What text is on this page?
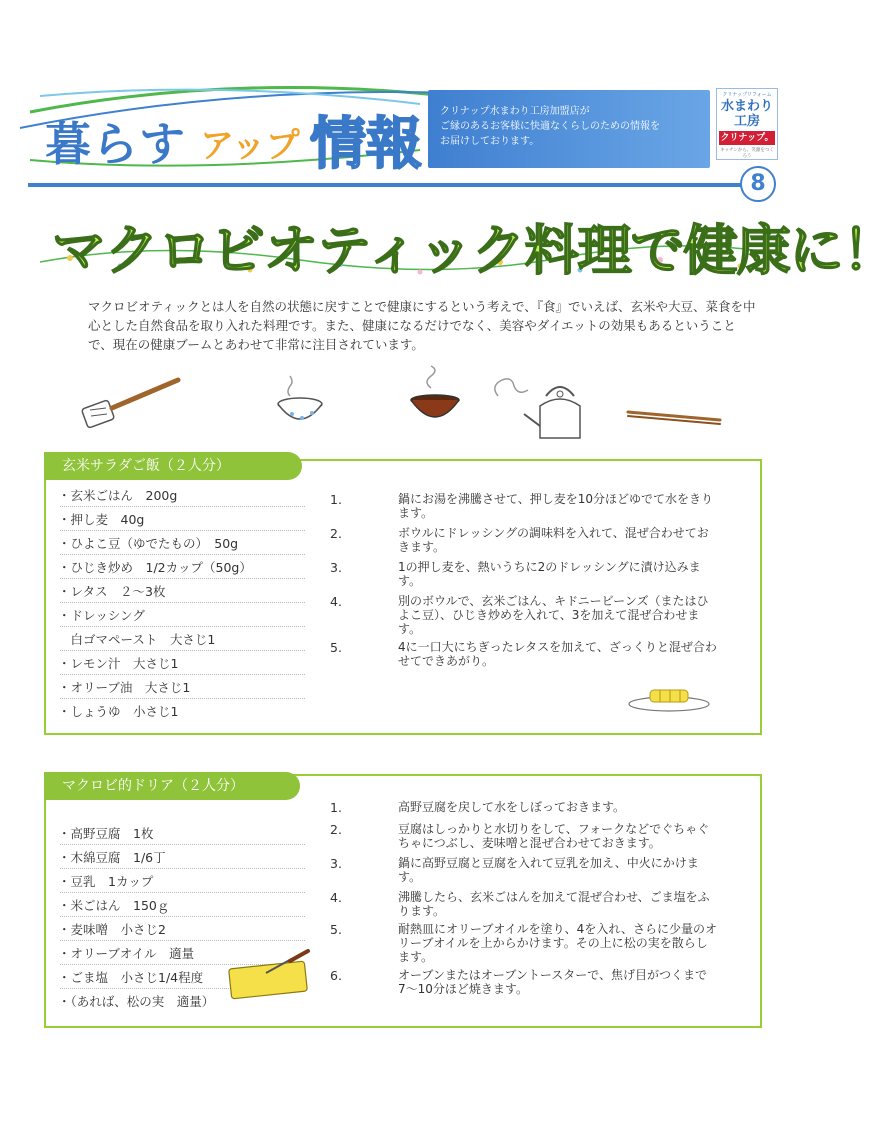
暮らす アップ 情報
クリナップ水まわり工房加盟店が
ご縁のあるお客様に快適なくらしのための情報を
お届けしております。
クリナップリフォーム
水まわり
工房
クリナップ。
キッチンから、笑顔をつくろう
8
マクロビオティック料理で健康に！
マクロビオティックとは人を自然の状態に戻すことで健康にするという考えで、『食』でいえば、玄米や大豆、菜食を中心とした自然食品を取り入れた料理です。また、健康になるだけでなく、美容やダイエットの効果もあるということで、現在の健康ブームとあわせて非常に注目されています。
玄米サラダご飯（２人分）
・玄米ごはん　200g
・押し麦　40g
・ひよこ豆（ゆでたもの）　50g
・ひじき炒め　1/2カップ（50g）
・レタス　２〜3枚
・ドレッシング
　白ゴマペースト　大さじ1
・レモン汁　大さじ1
・オリーブ油　大さじ1
・しょうゆ　小さじ1
1.	鍋にお湯を沸騰させて、押し麦を10分ほどゆでて水をきります。
2.	ボウルにドレッシングの調味料を入れて、混ぜ合わせておきます。
3.	1の押し麦を、熱いうちに2のドレッシングに漬け込みます。
4.	別のボウルで、玄米ごはん、キドニービーンズ（またはひよこ豆）、ひじき炒めを入れて、3を加えて混ぜ合わせます。
5.	4に一口大にちぎったレタスを加えて、ざっくりと混ぜ合わせてできあがり。
マクロビ的ドリア（２人分）
・高野豆腐　1枚
・木綿豆腐　1/6丁
・豆乳　1カップ
・米ごはん　150ｇ
・麦味噌　小さじ2
・オリーブオイル　適量
・ごま塩　小さじ1/4程度
・（あれば、松の実　適量）
1.	高野豆腐を戻して水をしぼっておきます。
2.	豆腐はしっかりと水切りをして、フォークなどでぐちゃぐちゃにつぶし、麦味噌と混ぜ合わせておきます。
3.	鍋に高野豆腐と豆腐を入れて豆乳を加え、中火にかけます。
4.	沸騰したら、玄米ごはんを加えて混ぜ合わせ、ごま塩をふります。
5.	耐熱皿にオリーブオイルを塗り、4を入れ、さらに少量のオリーブオイルを上からかけます。その上に松の実を散らします。
6.	オーブンまたはオーブントースターで、焦げ目がつくまで7〜10分ほど焼きます。
